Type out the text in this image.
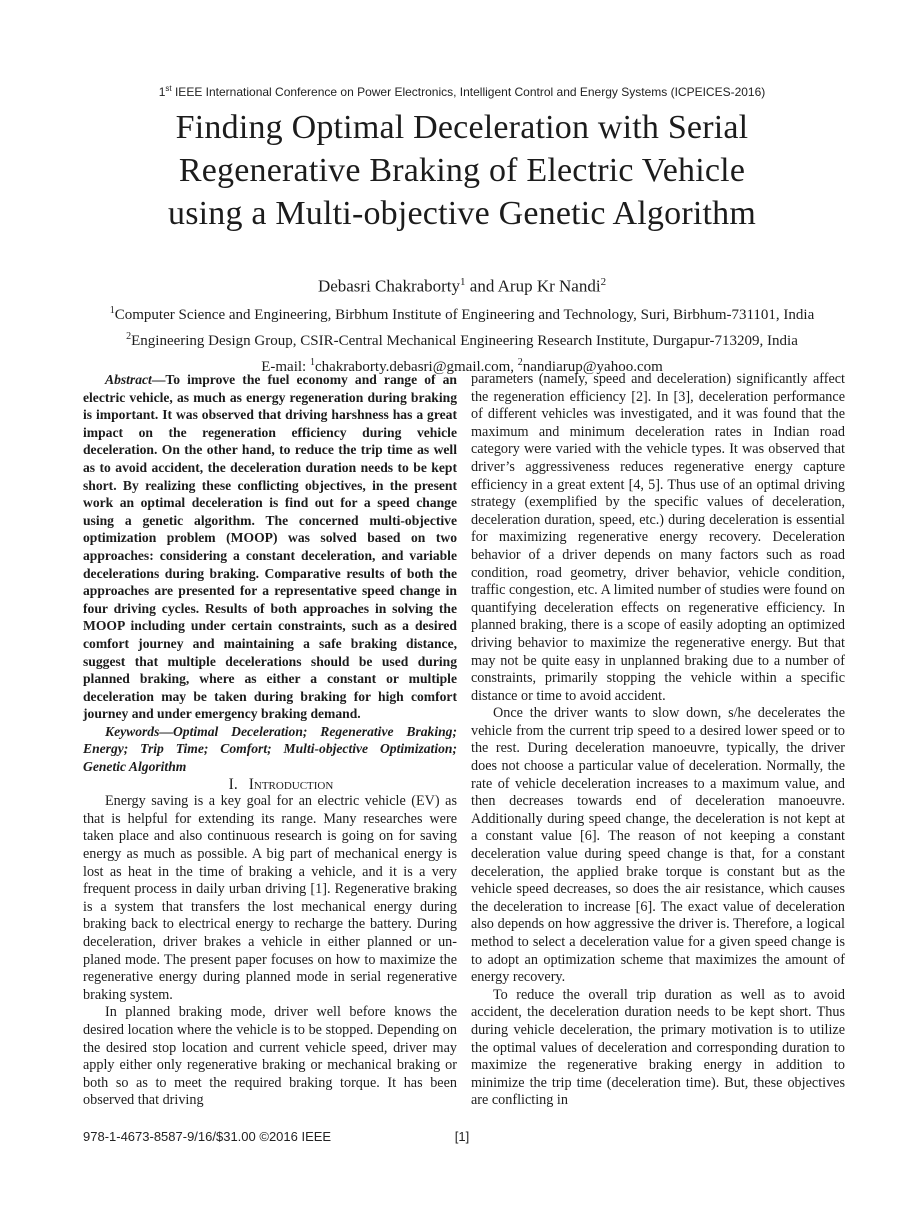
1st IEEE International Conference on Power Electronics, Intelligent Control and Energy Systems (ICPEICES-2016)
Finding Optimal Deceleration with Serial
Regenerative Braking of Electric Vehicle
using a Multi-objective Genetic Algorithm
Debasri Chakraborty$^1$ and Arup Kr Nandi$^2$
$^1$Computer Science and Engineering, Birbhum Institute of Engineering and Technology, Suri, Birbhum-731101, India
$^2$Engineering Design Group, CSIR-Central Mechanical Engineering Research Institute, Durgapur-713209, India
E-mail: $^1$chakraborty.debasri@gmail.com, $^2$nandiarup@yahoo.com

Abstract—To improve the fuel economy and range of an electric vehicle, as much as energy regeneration during braking is important. It was observed that driving harshness has a great impact on the regeneration efficiency during vehicle deceleration. On the other hand, to reduce the trip time as well as to avoid accident, the deceleration duration needs to be kept short. By realizing these conflicting objectives, in the present work an optimal deceleration is find out for a speed change using a genetic algorithm. The concerned multi-objective optimization problem (MOOP) was solved based on two approaches: considering a constant deceleration, and variable decelerations during braking. Comparative results of both the approaches are presented for a representative speed change in four driving cycles. Results of both approaches in solving the MOOP including under certain constraints, such as a desired comfort journey and maintaining a safe braking distance, suggest that multiple decelerations should be used during planned braking, where as either a constant or multiple deceleration may be taken during braking for high comfort journey and under emergency braking demand.

Keywords—Optimal Deceleration; Regenerative Braking; Energy; Trip Time; Comfort; Multi-objective Optimization; Genetic Algorithm

I. Introduction

Energy saving is a key goal for an electric vehicle (EV) as that is helpful for extending its range. Many researches were taken place and also continuous research is going on for saving energy as much as possible. A big part of mechanical energy is lost as heat in the time of braking a vehicle, and it is a very frequent process in daily urban driving [1]. Regenerative braking is a system that transfers the lost mechanical energy during braking back to electrical energy to recharge the battery. During deceleration, driver brakes a vehicle in either planned or un-planed mode. The present paper focuses on how to maximize the regenerative energy during planned mode in serial regenerative braking system.

In planned braking mode, driver well before knows the desired location where the vehicle is to be stopped. Depending on the desired stop location and current vehicle speed, driver may apply either only regenerative braking or mechanical braking or both so as to meet the required braking torque. It has been observed that driving

parameters (namely, speed and deceleration) significantly affect the regeneration efficiency [2]. In [3], deceleration performance of different vehicles was investigated, and it was found that the maximum and minimum deceleration rates in Indian road category were varied with the vehicle types. It was observed that driver’s aggressiveness reduces regenerative energy capture efficiency in a great extent [4, 5]. Thus use of an optimal driving strategy (exemplified by the specific values of deceleration, deceleration duration, speed, etc.) during deceleration is essential for maximizing regenerative energy recovery. Deceleration behavior of a driver depends on many factors such as road condition, road geometry, driver behavior, vehicle condition, traffic congestion, etc. A limited number of studies were found on quantifying deceleration effects on regenerative efficiency. In planned braking, there is a scope of easily adopting an optimized driving behavior to maximize the regenerative energy. But that may not be quite easy in unplanned braking due to a number of constraints, primarily stopping the vehicle within a specific distance or time to avoid accident.

Once the driver wants to slow down, s/he decelerates the vehicle from the current trip speed to a desired lower speed or to the rest. During deceleration manoeuvre, typically, the driver does not choose a particular value of deceleration. Normally, the rate of vehicle deceleration increases to a maximum value, and then decreases towards end of deceleration manoeuvre. Additionally during speed change, the deceleration is not kept at a constant value [6]. The reason of not keeping a constant deceleration value during speed change is that, for a constant deceleration, the applied brake torque is constant but as the vehicle speed decreases, so does the air resistance, which causes the deceleration to increase [6]. The exact value of deceleration also depends on how aggressive the driver is. Therefore, a logical method to select a deceleration value for a given speed change is to adopt an optimization scheme that maximizes the amount of energy recovery.

To reduce the overall trip duration as well as to avoid accident, the deceleration duration needs to be kept short. Thus during vehicle deceleration, the primary motivation is to utilize the optimal values of deceleration and corresponding duration to maximize the regenerative braking energy in addition to minimize the trip time (deceleration time). But, these objectives are conflicting in

978-1-4673-8587-9/16/$31.00 ©2016 IEEE	[1]
